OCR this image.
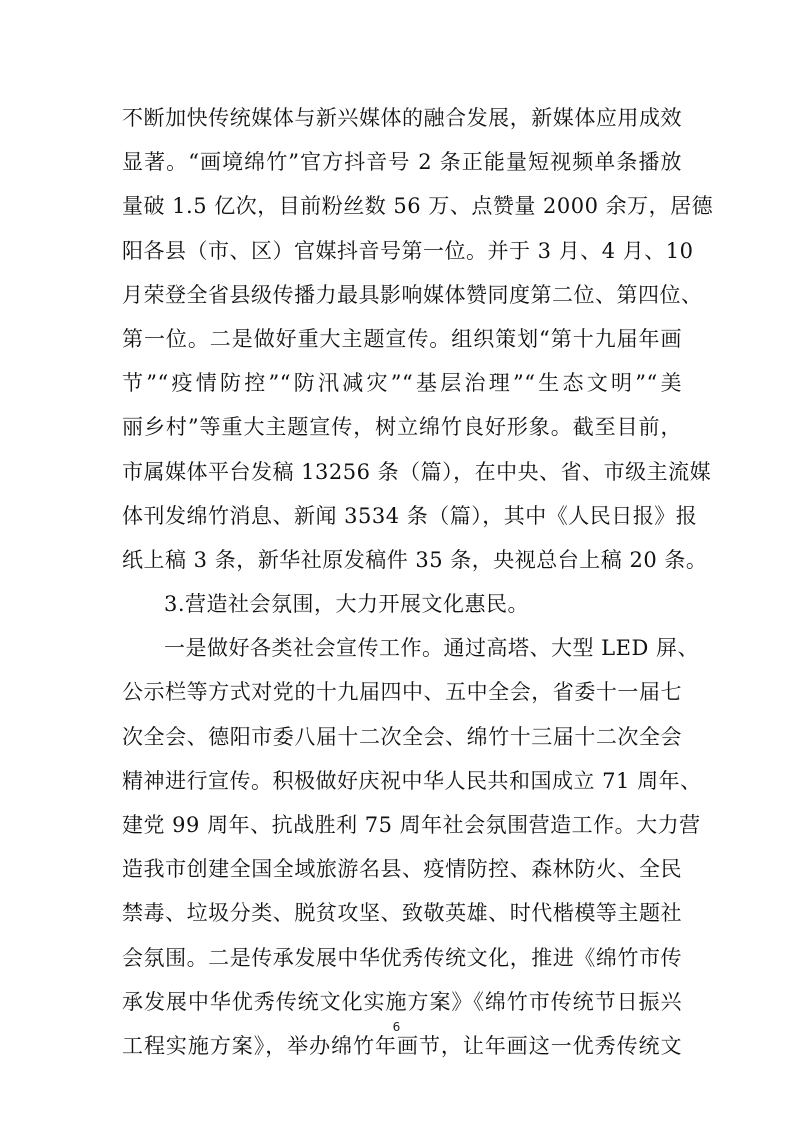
不断加快传统媒体与新兴媒体的融合发展，新媒体应用成效
显著。“画境绵竹”官方抖音号 2 条正能量短视频单条播放
量破 1.5 亿次，目前粉丝数 56 万、点赞量 2000 余万，居德
阳各县（市、区）官媒抖音号第一位。并于 3 月、4 月、10
月荣登全省县级传播力最具影响媒体赞同度第二位、第四位、
第一位。二是做好重大主题宣传。组织策划“第十九届年画
节”“疫情防控”“防汛减灾”“基层治理”“生态文明”“美
丽乡村”等重大主题宣传，树立绵竹良好形象。截至目前，
市属媒体平台发稿 13256 条（篇），在中央、省、市级主流媒
体刊发绵竹消息、新闻 3534 条（篇），其中《人民日报》报
纸上稿 3 条，新华社原发稿件 35 条，央视总台上稿 20 条。
3.营造社会氛围，大力开展文化惠民。
一是做好各类社会宣传工作。通过高塔、大型 LED 屏、
公示栏等方式对党的十九届四中、五中全会，省委十一届七
次全会、德阳市委八届十二次全会、绵竹十三届十二次全会
精神进行宣传。积极做好庆祝中华人民共和国成立 71 周年、
建党 99 周年、抗战胜利 75 周年社会氛围营造工作。大力营
造我市创建全国全域旅游名县、疫情防控、森林防火、全民
禁毒、垃圾分类、脱贫攻坚、致敬英雄、时代楷模等主题社
会氛围。二是传承发展中华优秀传统文化，推进《绵竹市传
承发展中华优秀传统文化实施方案》《绵竹市传统节日振兴
工程实施方案》，举办绵竹年画节，让年画这一优秀传统文
6
